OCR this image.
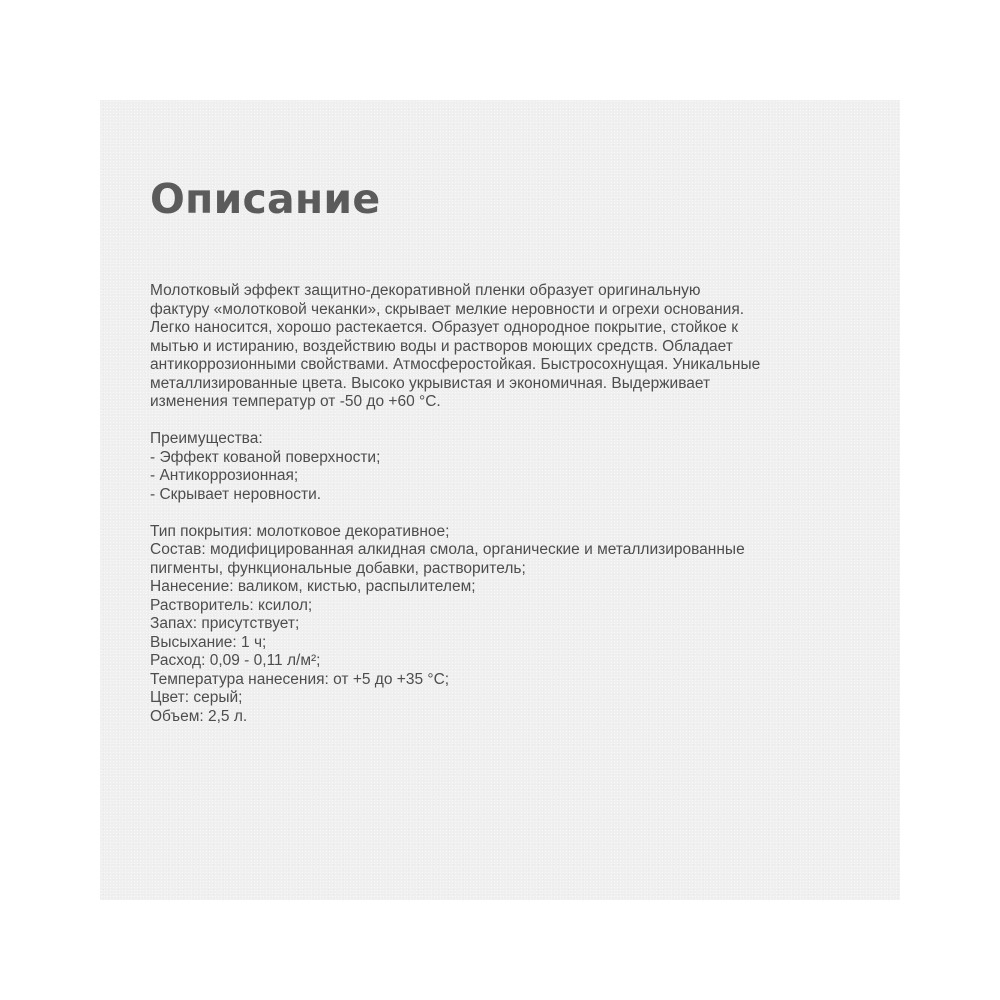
Описание

Молотковый эффект защитно-декоративной пленки образует оригинальную
фактуру «молотковой чеканки», скрывает мелкие неровности и огрехи основания.
Легко наносится, хорошо растекается. Образует однородное покрытие, стойкое к
мытью и истиранию, воздействию воды и растворов моющих средств. Обладает
антикоррозионными свойствами. Атмосферостойкая. Быстросохнущая. Уникальные
металлизированные цвета. Высоко укрывистая и экономичная. Выдерживает
изменения температур от -50 до +60 °С.

Преимущества:
- Эффект кованой поверхности;
- Антикоррозионная;
- Скрывает неровности.

Тип покрытия: молотковое декоративное;
Состав: модифицированная алкидная смола, органические и металлизированные
пигменты, функциональные добавки, растворитель;
Нанесение: валиком, кистью, распылителем;
Растворитель: ксилол;
Запах: присутствует;
Высыхание: 1 ч;
Расход: 0,09 - 0,11 л/м²;
Температура нанесения: от +5 до +35 °С;
Цвет: серый;
Объем: 2,5 л.
